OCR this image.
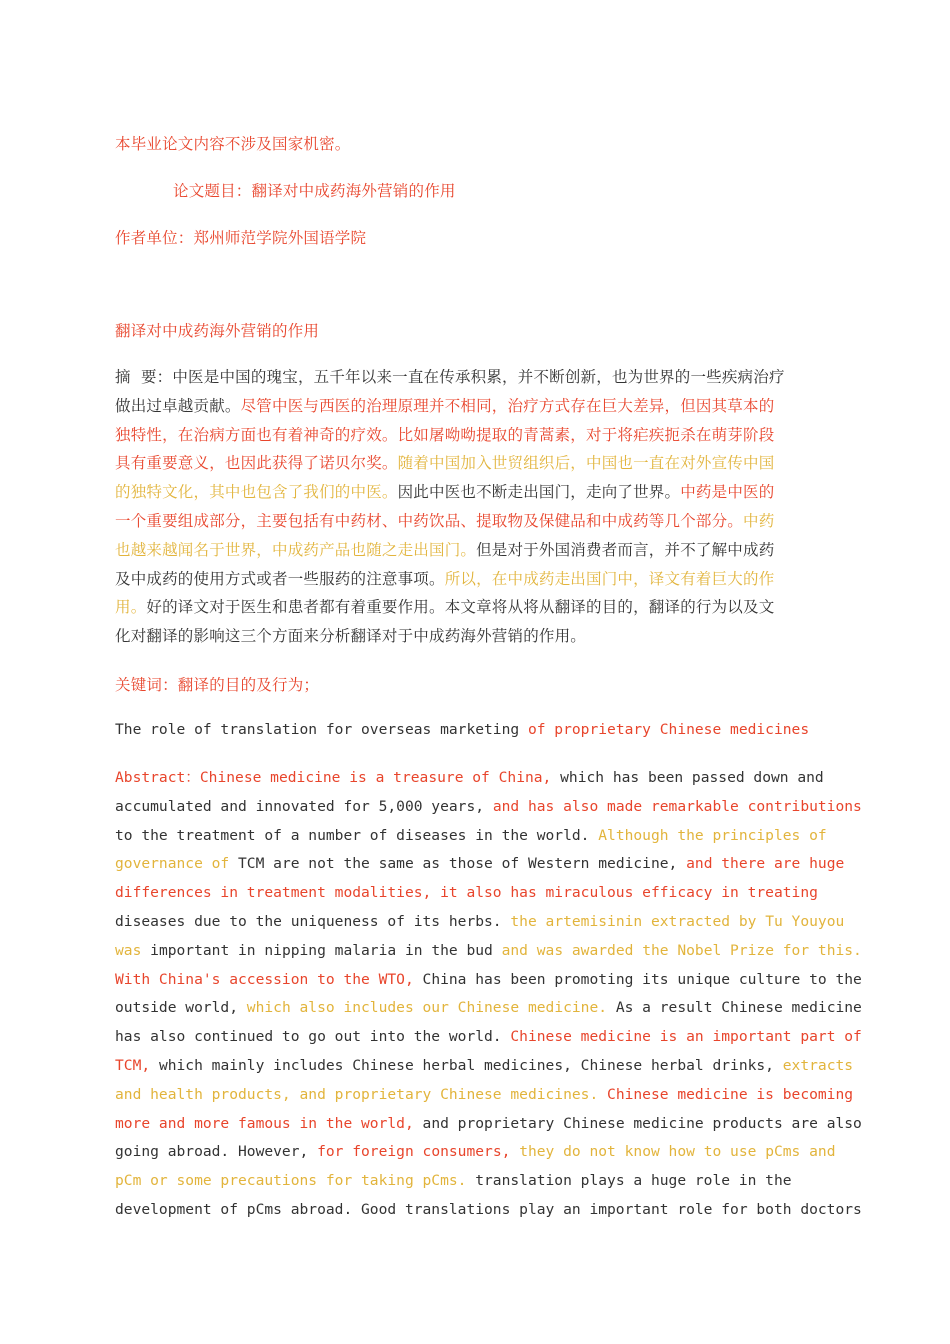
本毕业论文内容不涉及国家机密。
论文题目：翻译对中成药海外营销的作用
作者单位：郑州师范学院外国语学院
翻译对中成药海外营销的作用
摘  要：中医是中国的瑰宝，五千年以来一直在传承积累，并不断创新，也为世界的一些疾病治疗
做出过卓越贡献。尽管中医与西医的治理原理并不相同，治疗方式存在巨大差异，但因其草本的
独特性，在治病方面也有着神奇的疗效。比如屠呦呦提取的青蒿素，对于将疟疾扼杀在萌芽阶段
具有重要意义，也因此获得了诺贝尔奖。随着中国加入世贸组织后，中国也一直在对外宣传中国
的独特文化，其中也包含了我们的中医。因此中医也不断走出国门，走向了世界。中药是中医的
一个重要组成部分，主要包括有中药材、中药饮品、提取物及保健品和中成药等几个部分。中药
也越来越闻名于世界，中成药产品也随之走出国门。但是对于外国消费者而言，并不了解中成药
及中成药的使用方式或者一些服药的注意事项。所以，在中成药走出国门中，译文有着巨大的作
用。好的译文对于医生和患者都有着重要作用。本文章将从将从翻译的目的，翻译的行为以及文
化对翻译的影响这三个方面来分析翻译对于中成药海外营销的作用。
关键词：翻译的目的及行为；
The role of translation for overseas marketing of proprietary Chinese medicines
Abstract：Chinese medicine is a treasure of China, which has been passed down and
accumulated and innovated for 5,000 years, and has also made remarkable contributions
to the treatment of a number of diseases in the world. Although the principles of
governance of TCM are not the same as those of Western medicine, and there are huge
differences in treatment modalities, it also has miraculous efficacy in treating
diseases due to the uniqueness of its herbs. the artemisinin extracted by Tu Youyou
was important in nipping malaria in the bud and was awarded the Nobel Prize for this.
With China's accession to the WTO, China has been promoting its unique culture to the
outside world, which also includes our Chinese medicine. As a result Chinese medicine
has also continued to go out into the world. Chinese medicine is an important part of
TCM, which mainly includes Chinese herbal medicines, Chinese herbal drinks, extracts
and health products, and proprietary Chinese medicines. Chinese medicine is becoming
more and more famous in the world, and proprietary Chinese medicine products are also
going abroad. However, for foreign consumers, they do not know how to use pCms and
pCm or some precautions for taking pCms. translation plays a huge role in the
development of pCms abroad. Good translations play an important role for both doctors
